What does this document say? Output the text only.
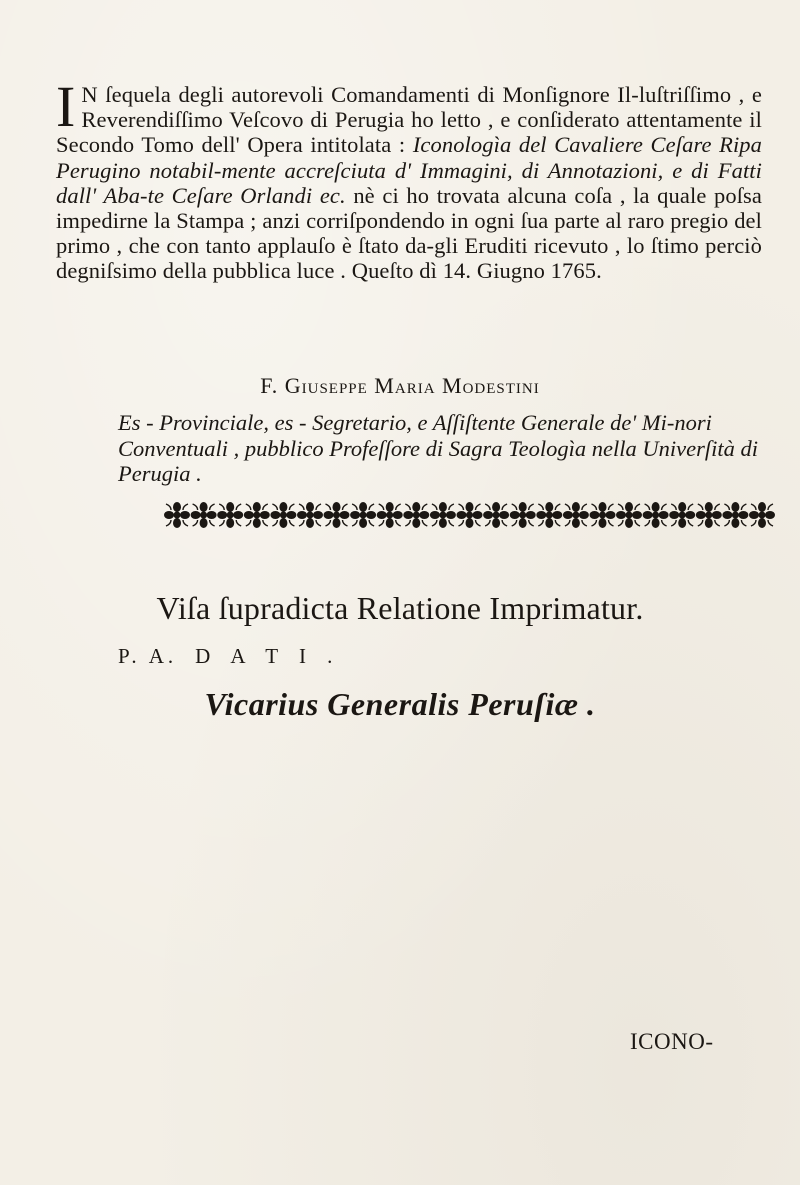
I N ſequela degli autorevoli Comandamenti di Monſignore Il-luſtriſſimo , e Reverendiſſimo Veſcovo di Perugia ho letto , e conſiderato attentamente il Secondo Tomo dell' Opera intitolata : Iconologìa del Cavaliere Ceſare Ripa Perugino notabil-mente accreſciuta d' Immagini, di Annotazioni, e di Fatti dall' Aba-te Ceſare Orlandi ec. nè ci ho trovata alcuna coſa , la quale poſsa impedirne la Stampa ; anzi corriſpondendo in ogni ſua parte al raro pregio del primo , che con tanto applauſo è ſtato da-gli Eruditi ricevuto , lo ſtimo perciò degniſsimo della pubblica luce . Queſto dì 14. Giugno 1765.
F. Giuseppe Maria Modestini
Es - Provinciale, es - Segretario, e Aſſiſtente Generale de' Mi-nori Conventuali , pubblico Profeſſore di Sagra Teologìa nella Univerſità di Perugia .
Viſa ſupradicta Relatione Imprimatur.
P. A. D A T I .
Vicarius Generalis Peruſiæ .
ICONO-
